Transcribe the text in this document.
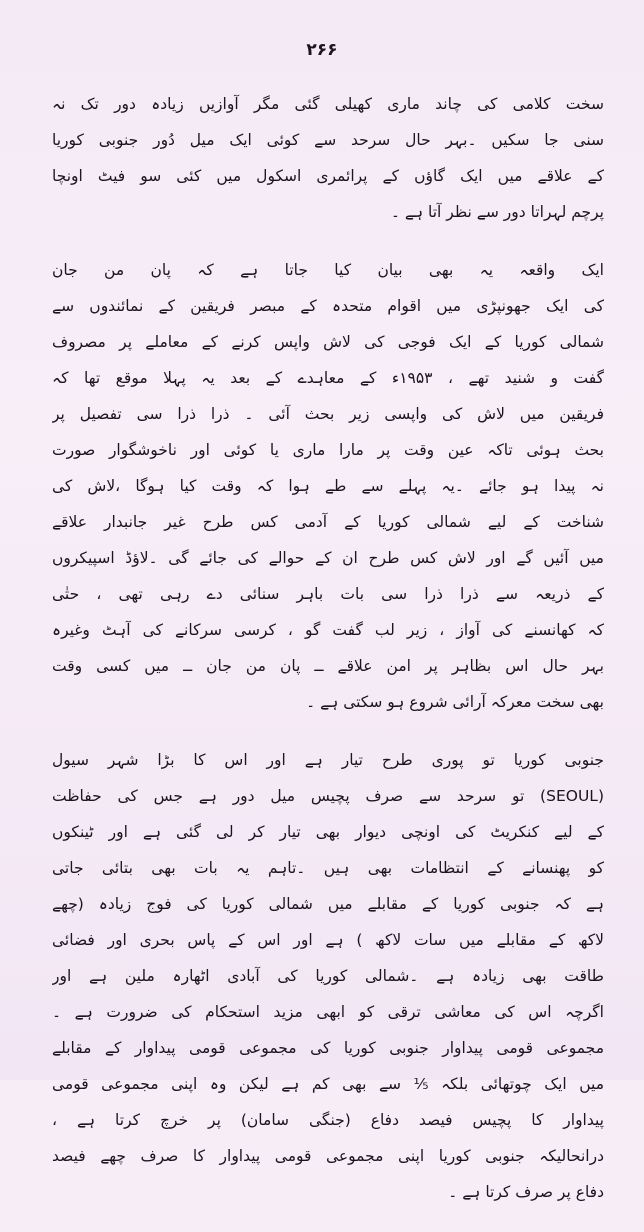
۲۶۶
سخت کلامی کی چاند ماری کھیلی گئی مگر آوازیں زیادہ دور تک نہ
سنی جا سکیں ۔بہر حال سرحد سے کوئی ایک میل دُور جنوبی کوریا
کے علاقے میں ایک گاؤں کے پرائمری اسکول میں کئی سو فیٹ اونچا
پرچم لہراتا دور سے نظر آتا ہے ۔
ایک واقعہ یہ بھی بیان کیا جاتا ہے کہ پان من جان
کی ایک جھونپڑی میں اقوام متحدہ کے مبصر فریقین کے نمائندوں سے
شمالی کوریا کے ایک فوجی کی لاش واپس کرنے کے معاملے پر مصروف
گفت و شنید تھے ، ۱۹۵۳ء کے معاہدے کے بعد یہ پہلا موقع تھا کہ
فریقین میں لاش کی واپسی زیر بحث آئی ۔ ذرا ذرا سی تفصیل پر
بحث ہوئی تاکہ عین وقت پر مارا ماری یا کوئی اور ناخوشگوار صورت
نہ پیدا ہو جائے ۔یہ پہلے سے طے ہوا کہ وقت کیا ہوگا ،لاش کی
شناخت کے لیے شمالی کوریا کے آدمی کس طرح غیر جانبدار علاقے
میں آئیں گے اور لاش کس طرح ان کے حوالے کی جائے گی ۔لاؤڈ اسپیکروں
کے ذریعہ سے ذرا ذرا سی بات باہر سنائی دے رہی تھی ، حتٰی
کہ کھانسنے کی آواز ، زیر لب گفت گو ، کرسی سرکانے کی آہٹ وغیرہ
بہر حال اس بظاہر پر امن علاقے ــ پان من جان ــ میں کسی وقت
بھی سخت معرکہ آرائی شروع ہو سکتی ہے ۔
جنوبی کوریا تو پوری طرح تیار ہے اور اس کا بڑا شہر سیول
(SEOUL) تو سرحد سے صرف پچیس میل دور ہے جس کی حفاظت
کے لیے کنکریٹ کی اونچی دیوار بھی تیار کر لی گئی ہے اور ٹینکوں
کو پھنسانے کے انتظامات بھی ہیں ۔تاہم یہ بات بھی بتائی جاتی
ہے کہ جنوبی کوریا کے مقابلے میں شمالی کوریا کی فوج زیادہ (چھے
لاکھ کے مقابلے میں سات لاکھ ) ہے اور اس کے پاس بحری اور فضائی
طاقت بھی زیادہ ہے ۔شمالی کوریا کی آبادی اٹھارہ ملین ہے اور
اگرچہ اس کی معاشی ترقی کو ابھی مزید استحکام کی ضرورت ہے ۔
مجموعی قومی پیداوار جنوبی کوریا کی مجموعی قومی پیداوار کے مقابلے
میں ایک چوتھائی بلکہ ⅕ سے بھی کم ہے لیکن وہ اپنی مجموعی قومی
پیداوار کا پچیس فیصد دفاع (جنگی سامان) پر خرچ کرتا ہے ،
درانحالیکہ جنوبی کوریا اپنی مجموعی قومی پیداوار کا صرف چھے فیصد
دفاع پر صرف کرتا ہے ۔
